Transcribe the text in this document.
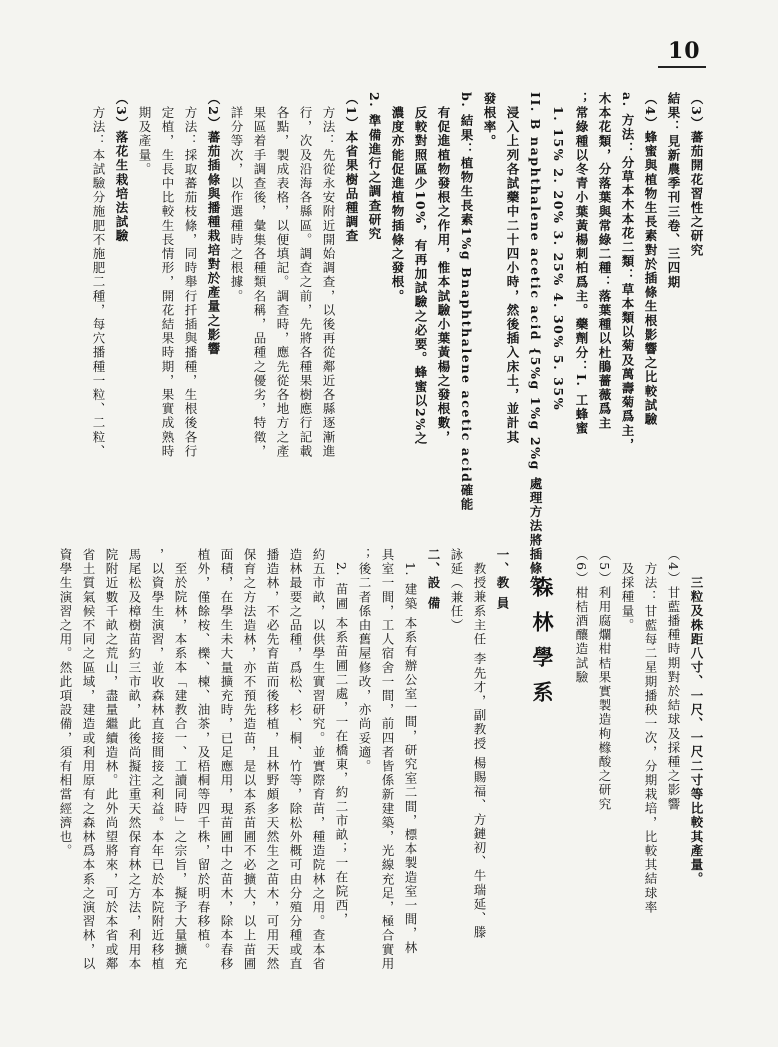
10

（3）蕃茄開花習性之研究

結果：見新農季刊三卷、三四期

（4）蜂蜜與植物生長素對於插條生根影響之比較試驗

a. 方法：分草本木本花二類：草本類以菊及萬壽菊爲主，

木本花類，分落葉與常綠二種：落葉種以杜鵑薔薇爲主

；常綠種以冬青小葉黃楊刺柏爲主。藥劑分：I. 工蜂蜜

1. 15% 2. 20% 3. 25% 4. 30% 5. 35%

II. B naphthalene acetic acid {5%g 1%g 2%g 處理方法將插條先

浸入上列各試藥中二十四小時，然後插入床土，並計其

發根率。

b. 結果：植物生長素1%g Bnaphthalene acetic acid確能

有促進植物發根之作用，惟本試驗小葉黃楊之發根數，

反較對照區少10%，有再加試驗之必要。蜂蜜以2%之

濃度亦能促進植物插條之發根。

2. 準備進行之調查研究

（1）本省果樹品種調查

方法：先從永安附近開始調查，以後再從鄰近各縣逐漸進

行，次及沿海各縣區。調查之前，先將各種果樹應行記載

各點，製成表格，以便填記。調查時，應先從各地方之產

果區着手調查後，彙集各種類名稱，品種之優劣，特徵，

詳分等次，以作選種時之根據。

（2）蕃茄插條與播種栽培對於產量之影響

方法：採取蕃茄枝條，同時舉行扦插與播種，生根後各行

定植，生長中比較生長情形，開花結果時期，果實成熟時

期及產量。

（3）落花生栽培法試驗

方法：本試驗分施肥不施肥二種，每穴播種一粒、二粒、

三粒及株距八寸、一尺、一尺二寸等比較其產量。

（4）甘藍播種時期對於結球及採種之影響

方法：甘藍每二星期播秧一次，分期栽培，比較其結球率

及採種量。

（5）利用腐爛柑桔果實製造枸橼酸之研究

（6）柑桔酒釀造試驗

森林學系

一、教 員

教授兼系主任 李先才，副教授 楊賜福、方鏈初、牛瑞延、滕

詠延（兼任）

二、設 備

1. 建築 本系有辦公室一間，研究室二間，標本製造室一間，林

具室一間，工人宿舍一間，前四者皆係新建築，光線充足，極合實用

；後二者係由舊屋修改，亦尚妥適。

2. 苗圃 本系苗圃二處，一在橋東，約二市畝；一在院西，

約五市畝，以供學生實習研究。並實際育苗，種造院林之用。查本省

造林最要之品種，爲松、杉、桐、竹等，除松外概可由分殖分種或直

播造林，不必先育苗而後移植，且林野頗多天然生之苗木，可用天然

保育之方法造林，亦不預先造苗，是以本系苗圃不必擴大，以上苗圃

面積，在學生未大量擴充時，已足應用，現苗圃中之苗木，除本春移

植外，僅餘桉、櫟、楝、油茶，及梧桐等四千株，留於明春移植。

至於院林，本系本「建教合一、工讀同時」之宗旨，擬予大量擴充

，以資學生演習，並收森林直接間接之利益。本年已於本院附近移植

馬尾松及樟樹苗約三市畝，此後尚擬注重天然保育林之方法，利用本

院附近數千畝之荒山，盡量繼續造林。此外尚望將來，可於本省或鄰

省土質氣候不同之區域，建造或利用原有之森林爲本系之演習林，以

資學生演習之用。然此項設備，須有相當經濟也。
